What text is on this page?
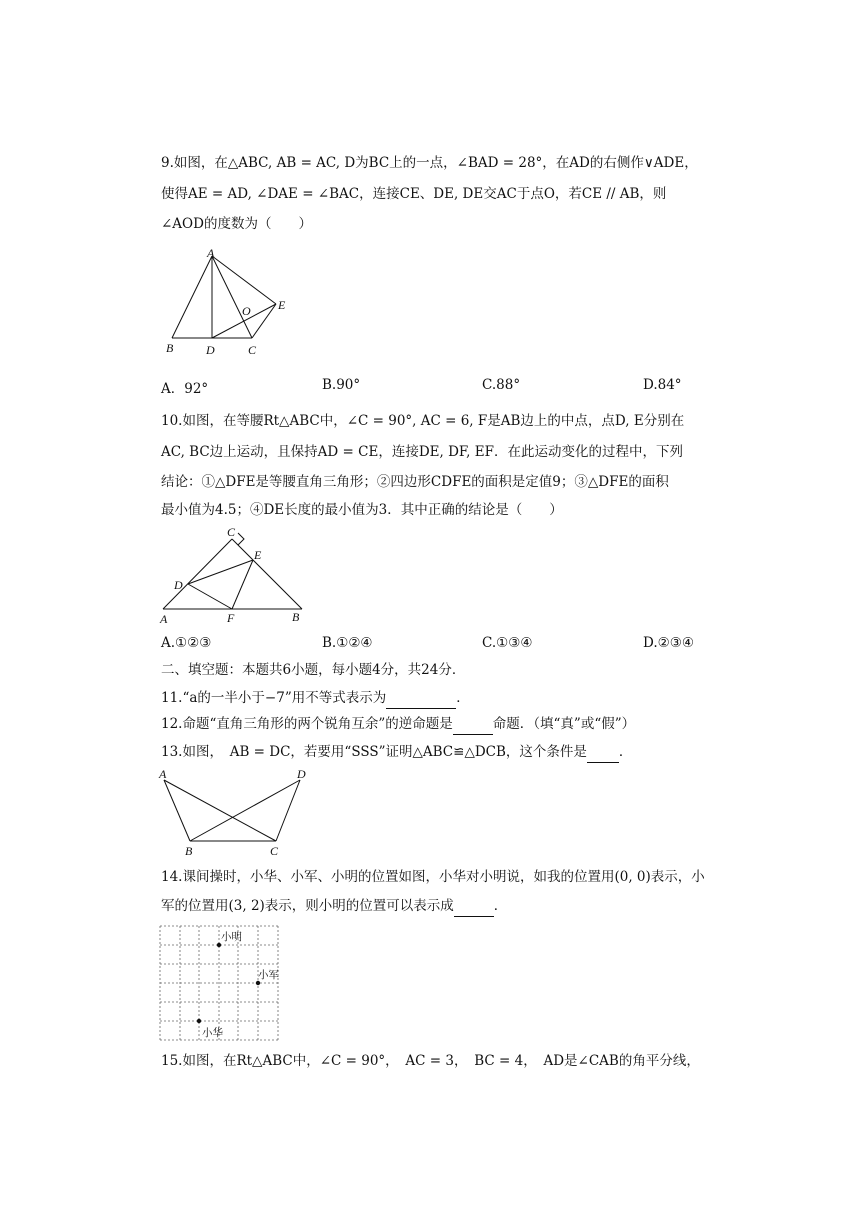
9.如图，在△ABC, AB = AC, D为BC上的一点，∠BAD = 28°，在AD的右侧作∨ADE，
使得AE = AD, ∠DAE = ∠BAC，连接CE、DE, DE交AC于点O，若CE // AB，则
∠AOD的度数为（　　）
A
B	C
D
E
O
A．92°	B.90°	C.88°	D.84°
10.如图，在等腰Rt△ABC中，∠C = 90°, AC = 6, F是AB边上的中点，点D, E分别在
AC, BC边上运动，且保持AD = CE，连接DE, DF, EF．在此运动变化的过程中，下列
结论：①△DFE是等腰直角三角形；②四边形CDFE的面积是定值9；③△DFE的面积
最小值为4.5；④DE长度的最小值为3．其中正确的结论是（　　）
A	B
C
D
E
F
A.①②③	B.①②④	C.①③④	D.②③④
二、填空题：本题共6小题，每小题4分，共24分．
11.“a的一半小于−7”用不等式表示为	．
12.命题“直角三角形的两个锐角互余”的逆命题是	命题．（填“真”或“假”）
13.如图，　AB = DC，若要用“SSS”证明△ABC≌△DCB，这个条件是 ．
A	D
B	C
14.课间操时，小华、小军、小明的位置如图，小华对小明说，如我的位置用(0, 0)表示，小
军的位置用(3, 2)表示，则小明的位置可以表示成	．
小明
小军
小华
15.如图，在Rt△ABC中，∠C = 90°，　AC = 3，　BC = 4，　AD是∠CAB的角平分线，
